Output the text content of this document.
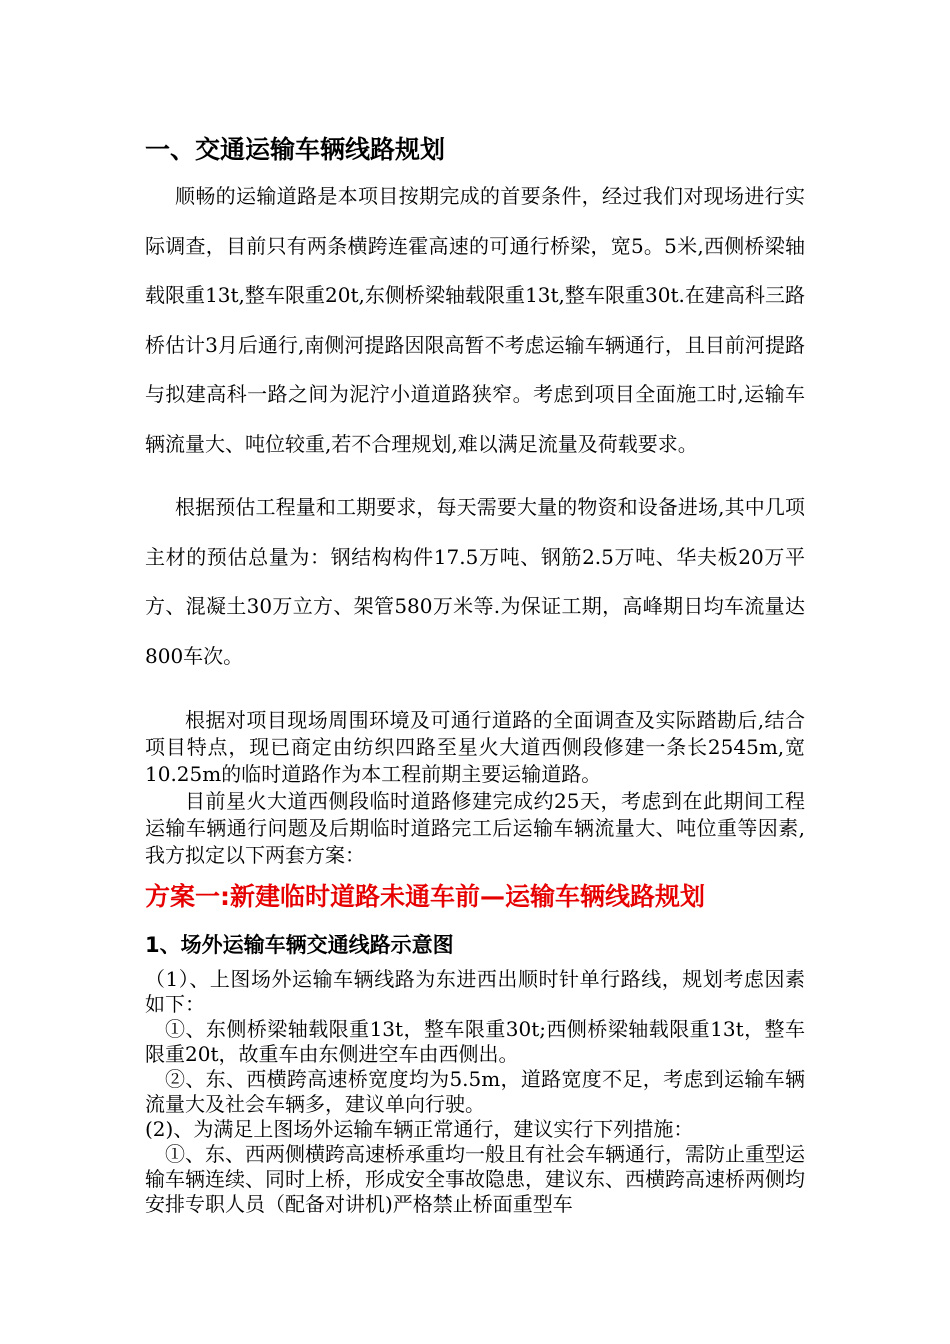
一、交通运输车辆线路规划

顺畅的运输道路是本项目按期完成的首要条件，经过我们对现场进行实际调查，目前只有两条横跨连霍高速的可通行桥梁，宽5。5米,西侧桥梁轴载限重13t,整车限重20t,东侧桥梁轴载限重13t,整车限重30t.在建高科三路桥估计3月后通行,南侧河提路因限高暂不考虑运输车辆通行，且目前河提路与拟建高科一路之间为泥泞小道道路狭窄。考虑到项目全面施工时,运输车辆流量大、吨位较重,若不合理规划,难以满足流量及荷载要求。

根据预估工程量和工期要求，每天需要大量的物资和设备进场,其中几项主材的预估总量为：钢结构构件17.5万吨、钢筋2.5万吨、华夫板20万平方、混凝土30万立方、架管580万米等.为保证工期，高峰期日均车流量达800车次。

根据对项目现场周围环境及可通行道路的全面调查及实际踏勘后,结合项目特点，现已商定由纺织四路至星火大道西侧段修建一条长2545m,宽10.25m的临时道路作为本工程前期主要运输道路。

目前星火大道西侧段临时道路修建完成约25天，考虑到在此期间工程运输车辆通行问题及后期临时道路完工后运输车辆流量大、吨位重等因素,我方拟定以下两套方案：

方案一:新建临时道路未通车前—运输车辆线路规划
1、场外运输车辆交通线路示意图

（1）、上图场外运输车辆线路为东进西出顺时针单行路线，规划考虑因素如下：

①、东侧桥梁轴载限重13t，整车限重30t;西侧桥梁轴载限重13t，整车限重20t，故重车由东侧进空车由西侧出。

②、东、西横跨高速桥宽度均为5.5m，道路宽度不足，考虑到运输车辆流量大及社会车辆多，建议单向行驶。

(2)、为满足上图场外运输车辆正常通行，建议实行下列措施：

①、东、西两侧横跨高速桥承重均一般且有社会车辆通行，需防止重型运输车辆连续、同时上桥，形成安全事故隐患，建议东、西横跨高速桥两侧均安排专职人员（配备对讲机)严格禁止桥面重型车
